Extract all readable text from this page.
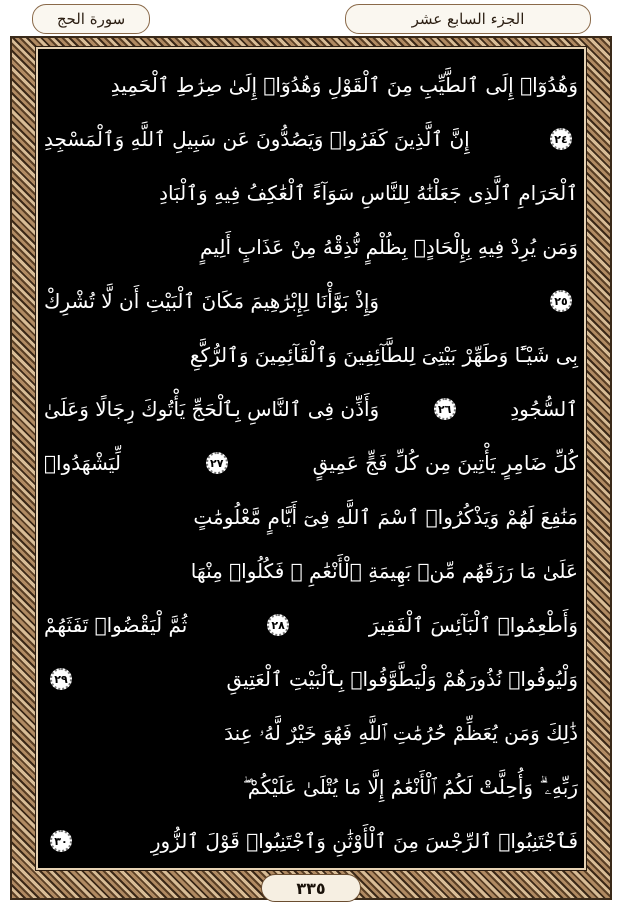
الجزء السابع عشر
سورة الحج
وَهُدُوٓا۟ إِلَى ٱلطَّيِّبِ مِنَ ٱلْقَوْلِ وَهُدُوٓا۟ إِلَىٰ صِرَٰطِ ٱلْحَمِيدِ
٢٤
إِنَّ ٱلَّذِينَ كَفَرُوا۟ وَيَصُدُّونَ عَن سَبِيلِ ٱللَّهِ وَٱلْمَسْجِدِ
ٱلْحَرَامِ ٱلَّذِى جَعَلْنَٰهُ لِلنَّاسِ سَوَآءً ٱلْعَٰكِفُ فِيهِ وَٱلْبَادِ
وَمَن يُرِدْ فِيهِ بِإِلْحَادٍۭ بِظُلْمٍ نُّذِقْهُ مِنْ عَذَابٍ أَلِيمٍ
٢٥
وَإِذْ بَوَّأْنَا لِإِبْرَٰهِيمَ مَكَانَ ٱلْبَيْتِ أَن لَّا تُشْرِكْ
بِى شَيْـًٔا وَطَهِّرْ بَيْتِىَ لِلطَّآئِفِينَ وَٱلْقَآئِمِينَ وَٱلرُّكَّعِ
ٱلسُّجُودِ
٢٦
وَأَذِّن فِى ٱلنَّاسِ بِٱلْحَجِّ يَأْتُوكَ رِجَالًا وَعَلَىٰ
كُلِّ ضَامِرٍ يَأْتِينَ مِن كُلِّ فَجٍّ عَمِيقٍ
٢٧
لِّيَشْهَدُوا۟
مَنَٰفِعَ لَهُمْ وَيَذْكُرُوا۟ ٱسْمَ ٱللَّهِ فِىٓ أَيَّامٍ مَّعْلُومَٰتٍ
عَلَىٰ مَا رَزَقَهُم مِّنۢ بَهِيمَةِ ٱلْأَنْعَٰمِ ۖ فَكُلُوا۟ مِنْهَا
وَأَطْعِمُوا۟ ٱلْبَآئِسَ ٱلْفَقِيرَ
٢٨
ثُمَّ لْيَقْضُوا۟ تَفَثَهُمْ
وَلْيُوفُوا۟ نُذُورَهُمْ وَلْيَطَّوَّفُوا۟ بِٱلْبَيْتِ ٱلْعَتِيقِ
٢٩
ذَٰلِكَ وَمَن يُعَظِّمْ حُرُمَٰتِ ٱللَّهِ فَهُوَ خَيْرٌ لَّهُۥ عِندَ
رَبِّهِۦ ۗ وَأُحِلَّتْ لَكُمُ ٱلْأَنْعَٰمُ إِلَّا مَا يُتْلَىٰ عَلَيْكُمْ ۖ
فَٱجْتَنِبُوا۟ ٱلرِّجْسَ مِنَ ٱلْأَوْثَٰنِ وَٱجْتَنِبُوا۟ قَوْلَ ٱلزُّورِ
٣٠
٣٣٥
